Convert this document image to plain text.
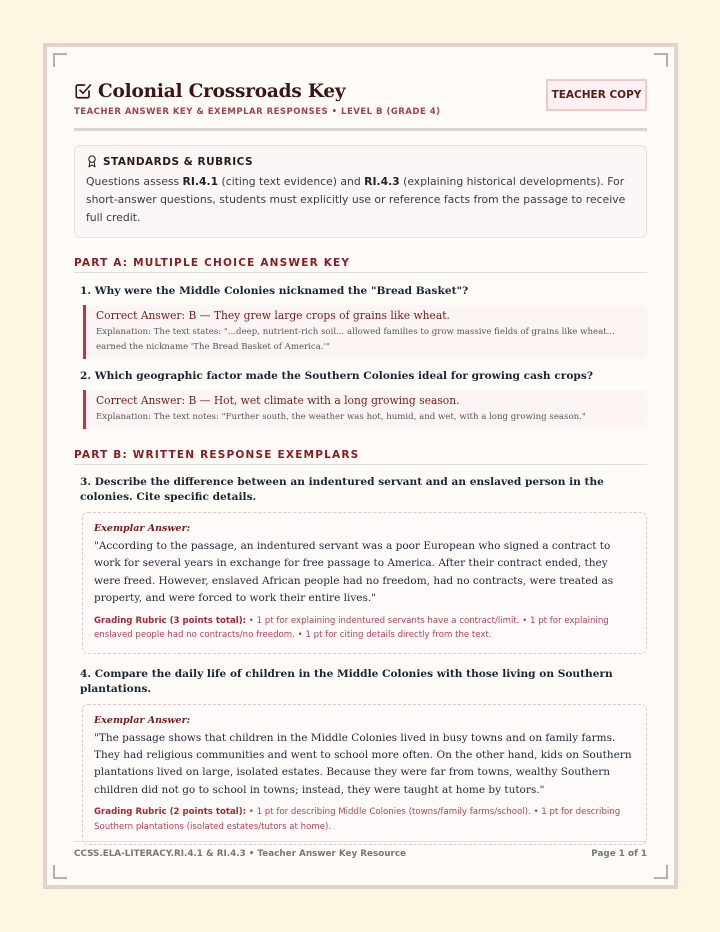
Colonial Crossroads Key
TEACHER ANSWER KEY & EXEMPLAR RESPONSES • LEVEL B (GRADE 4)
TEACHER COPY
STANDARDS & RUBRICS
Questions assess RI.4.1 (citing text evidence) and RI.4.3 (explaining historical developments). For short-answer questions, students must explicitly use or reference facts from the passage to receive full credit.
PART A: MULTIPLE CHOICE ANSWER KEY
1. Why were the Middle Colonies nicknamed the "Bread Basket"?
Correct Answer: B — They grew large crops of grains like wheat.
Explanation: The text states: "...deep, nutrient-rich soil... allowed families to grow massive fields of grains like wheat... earned the nickname 'The Bread Basket of America.'"
2. Which geographic factor made the Southern Colonies ideal for growing cash crops?
Correct Answer: B — Hot, wet climate with a long growing season.
Explanation: The text notes: "Further south, the weather was hot, humid, and wet, with a long growing season."
PART B: WRITTEN RESPONSE EXEMPLARS
3. Describe the difference between an indentured servant and an enslaved person in the colonies. Cite specific details.
Exemplar Answer:
"According to the passage, an indentured servant was a poor European who signed a contract to work for several years in exchange for free passage to America. After their contract ended, they were freed. However, enslaved African people had no freedom, had no contracts, were treated as property, and were forced to work their entire lives."
Grading Rubric (3 points total): • 1 pt for explaining indentured servants have a contract/limit. • 1 pt for explaining enslaved people had no contracts/no freedom. • 1 pt for citing details directly from the text.
4. Compare the daily life of children in the Middle Colonies with those living on Southern plantations.
Exemplar Answer:
"The passage shows that children in the Middle Colonies lived in busy towns and on family farms. They had religious communities and went to school more often. On the other hand, kids on Southern plantations lived on large, isolated estates. Because they were far from towns, wealthy Southern children did not go to school in towns; instead, they were taught at home by tutors."
Grading Rubric (2 points total): • 1 pt for describing Middle Colonies (towns/family farms/school). • 1 pt for describing Southern plantations (isolated estates/tutors at home).
CCSS.ELA-LITERACY.RI.4.1 & RI.4.3 • Teacher Answer Key Resource	Page 1 of 1
